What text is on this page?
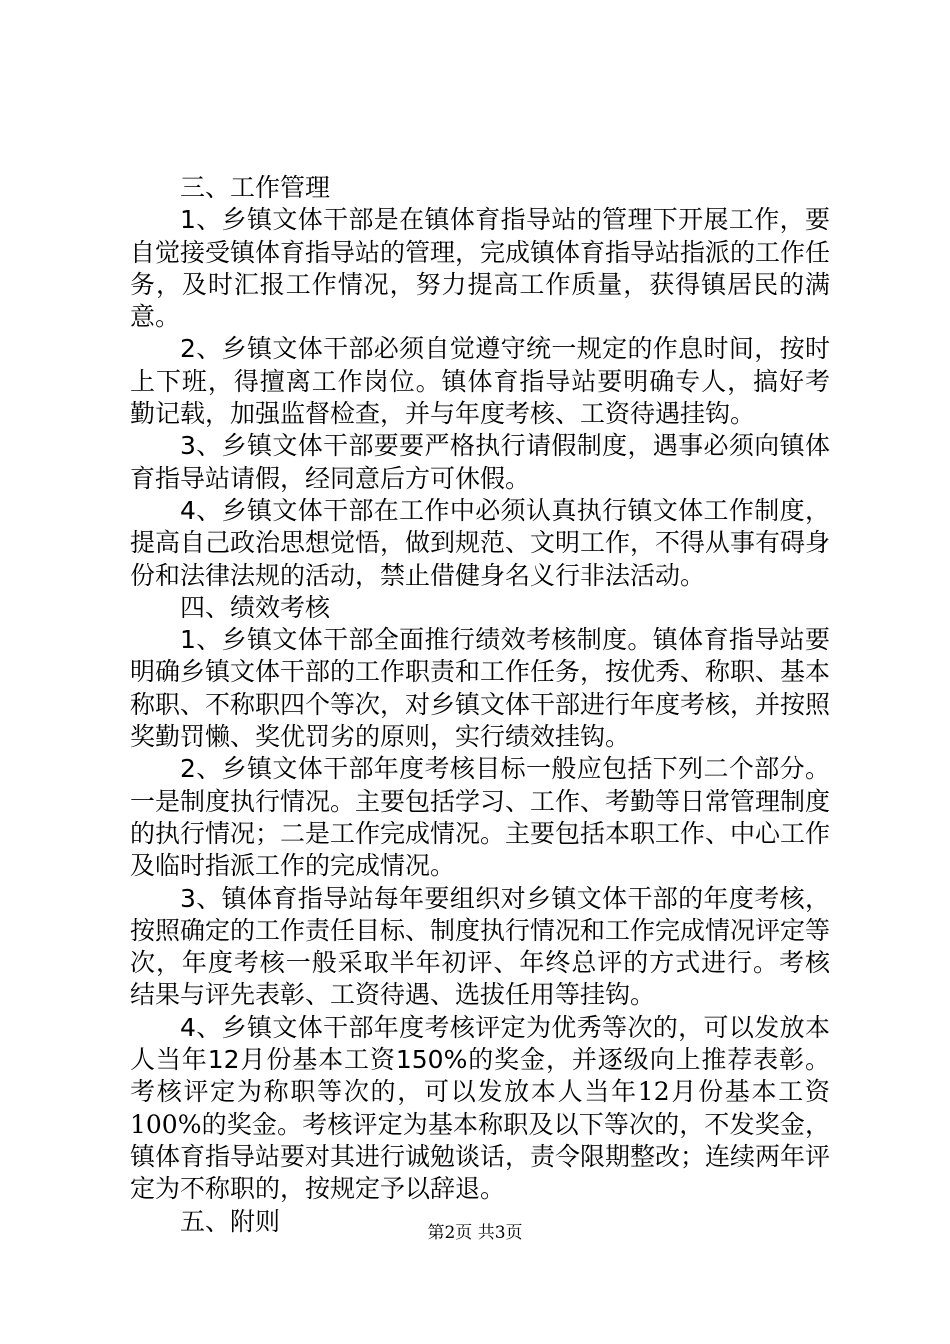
三、工作管理

1、乡镇文体干部是在镇体育指导站的管理下开展工作，要自觉接受镇体育指导站的管理，完成镇体育指导站指派的工作任务，及时汇报工作情况，努力提高工作质量，获得镇居民的满意。

2、乡镇文体干部必须自觉遵守统一规定的作息时间，按时上下班，得擅离工作岗位。镇体育指导站要明确专人，搞好考勤记载，加强监督检查，并与年度考核、工资待遇挂钩。

3、乡镇文体干部要要严格执行请假制度，遇事必须向镇体育指导站请假，经同意后方可休假。

4、乡镇文体干部在工作中必须认真执行镇文体工作制度，提高自己政治思想觉悟，做到规范、文明工作，不得从事有碍身份和法律法规的活动，禁止借健身名义行非法活动。

四、绩效考核

1、乡镇文体干部全面推行绩效考核制度。镇体育指导站要明确乡镇文体干部的工作职责和工作任务，按优秀、称职、基本称职、不称职四个等次，对乡镇文体干部进行年度考核，并按照奖勤罚懒、奖优罚劣的原则，实行绩效挂钩。

2、乡镇文体干部年度考核目标一般应包括下列二个部分。一是制度执行情况。主要包括学习、工作、考勤等日常管理制度的执行情况；二是工作完成情况。主要包括本职工作、中心工作及临时指派工作的完成情况。

3、镇体育指导站每年要组织对乡镇文体干部的年度考核，按照确定的工作责任目标、制度执行情况和工作完成情况评定等次，年度考核一般采取半年初评、年终总评的方式进行。考核结果与评先表彰、工资待遇、选拔任用等挂钩。

4、乡镇文体干部年度考核评定为优秀等次的，可以发放本人当年12月份基本工资150%的奖金，并逐级向上推荐表彰。考核评定为称职等次的，可以发放本人当年12月份基本工资100%的奖金。考核评定为基本称职及以下等次的，不发奖金，镇体育指导站要对其进行诚勉谈话，责令限期整改；连续两年评定为不称职的，按规定予以辞退。

五、附则	第2页 共3页
